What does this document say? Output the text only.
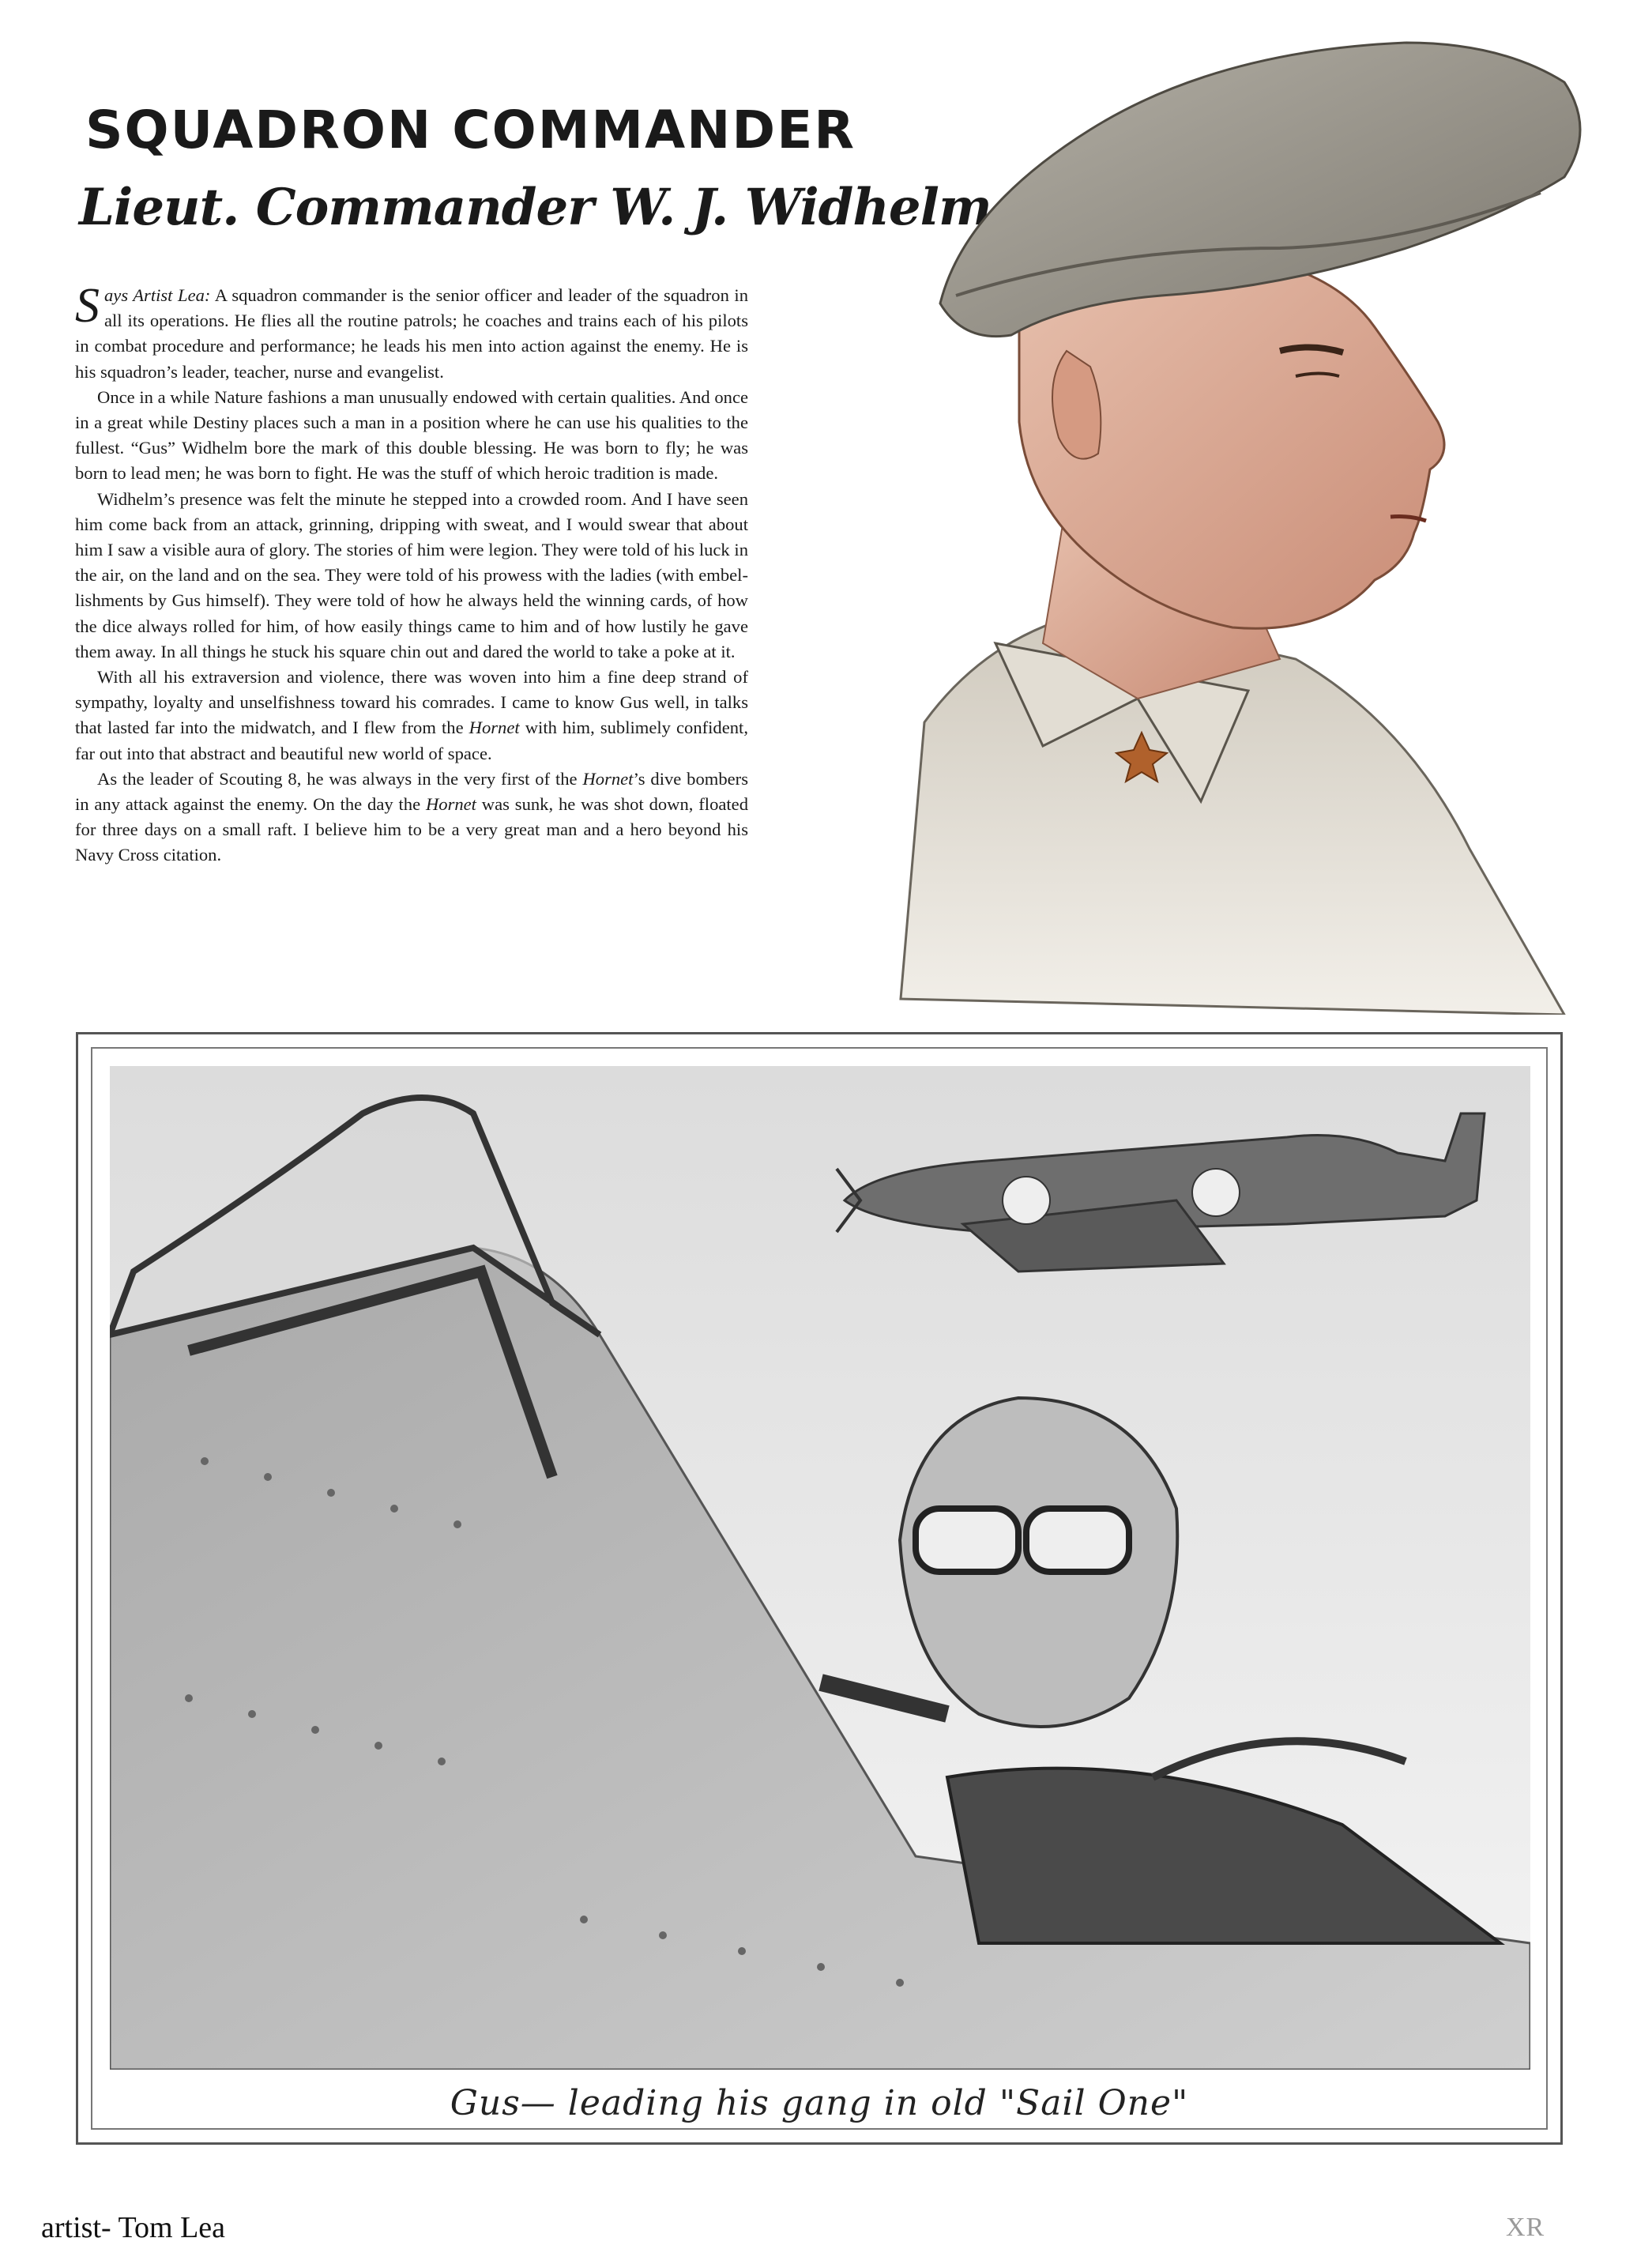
SQUADRON COMMANDER
Lieut. Commander W. J. Widhelm

Says Artist Lea: A squadron commander is the senior officer and leader of the squadron in all its operations. He flies all the routine patrols; he coaches and trains each of his pilots in combat procedure and performance; he leads his men into action against the enemy. He is his squadron’s leader, teacher, nurse and evangelist.

Once in a while Nature fashions a man unusually endowed with certain qualities. And once in a great while Destiny places such a man in a position where he can use his qualities to the fullest. “Gus” Widhelm bore the mark of this double blessing. He was born to fly; he was born to lead men; he was born to fight. He was the stuff of which heroic tradition is made.

Widhelm’s presence was felt the minute he stepped into a crowded room. And I have seen him come back from an attack, grinning, dripping with sweat, and I would swear that about him I saw a visible aura of glory. The stories of him were legion. They were told of his luck in the air, on the land and on the sea. They were told of his prowess with the ladies (with embellishments by Gus himself). They were told of how he always held the winning cards, of how the dice always rolled for him, of how easily things came to him and of how lustily he gave them away. In all things he stuck his square chin out and dared the world to take a poke at it.

With all his extraversion and violence, there was woven into him a fine deep strand of sympathy, loyalty and unselfishness toward his comrades. I came to know Gus well, in talks that lasted far into the midwatch, and I flew from the Hornet with him, sublimely confident, far out into that abstract and beautiful new world of space.

As the leader of Scouting 8, he was always in the very first of the Hornet’s dive bombers in any attack against the enemy. On the day the Hornet was sunk, he was shot down, floated for three days on a small raft. I believe him to be a very great man and a hero beyond his Navy Cross citation.

Gus— leading his gang in old "Sail One"
artist- Tom Lea	XR
